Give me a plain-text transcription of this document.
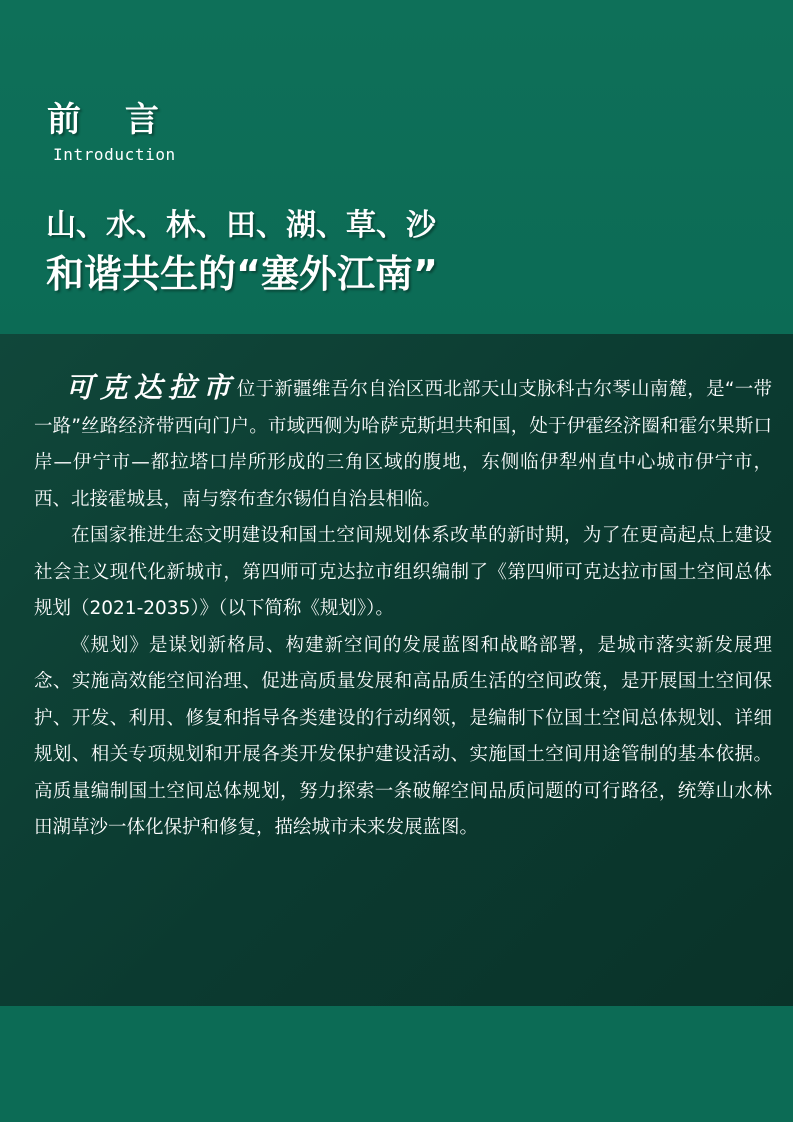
前 言
Introduction
山、水、林、田、湖、草、沙
和谐共生的“塞外江南”

可克达拉市位于新疆维吾尔自治区西北部天山支脉科古尔琴山南麓，是“一带一路”丝路经济带西向门户。市域西侧为哈萨克斯坦共和国，处于伊霍经济圈和霍尔果斯口岸—伊宁市—都拉塔口岸所形成的三角区域的腹地，东侧临伊犁州直中心城市伊宁市，西、北接霍城县，南与察布查尔锡伯自治县相临。

在国家推进生态文明建设和国土空间规划体系改革的新时期，为了在更高起点上建设社会主义现代化新城市，第四师可克达拉市组织编制了《第四师可克达拉市国土空间总体规划（2021-2035）》（以下简称《规划》）。

《规划》是谋划新格局、构建新空间的发展蓝图和战略部署，是城市落实新发展理念、实施高效能空间治理、促进高质量发展和高品质生活的空间政策，是开展国土空间保护、开发、利用、修复和指导各类建设的行动纲领，是编制下位国土空间总体规划、详细规划、相关专项规划和开展各类开发保护建设活动、实施国土空间用途管制的基本依据。高质量编制国土空间总体规划，努力探索一条破解空间品质问题的可行路径，统筹山水林田湖草沙一体化保护和修复，描绘城市未来发展蓝图。
